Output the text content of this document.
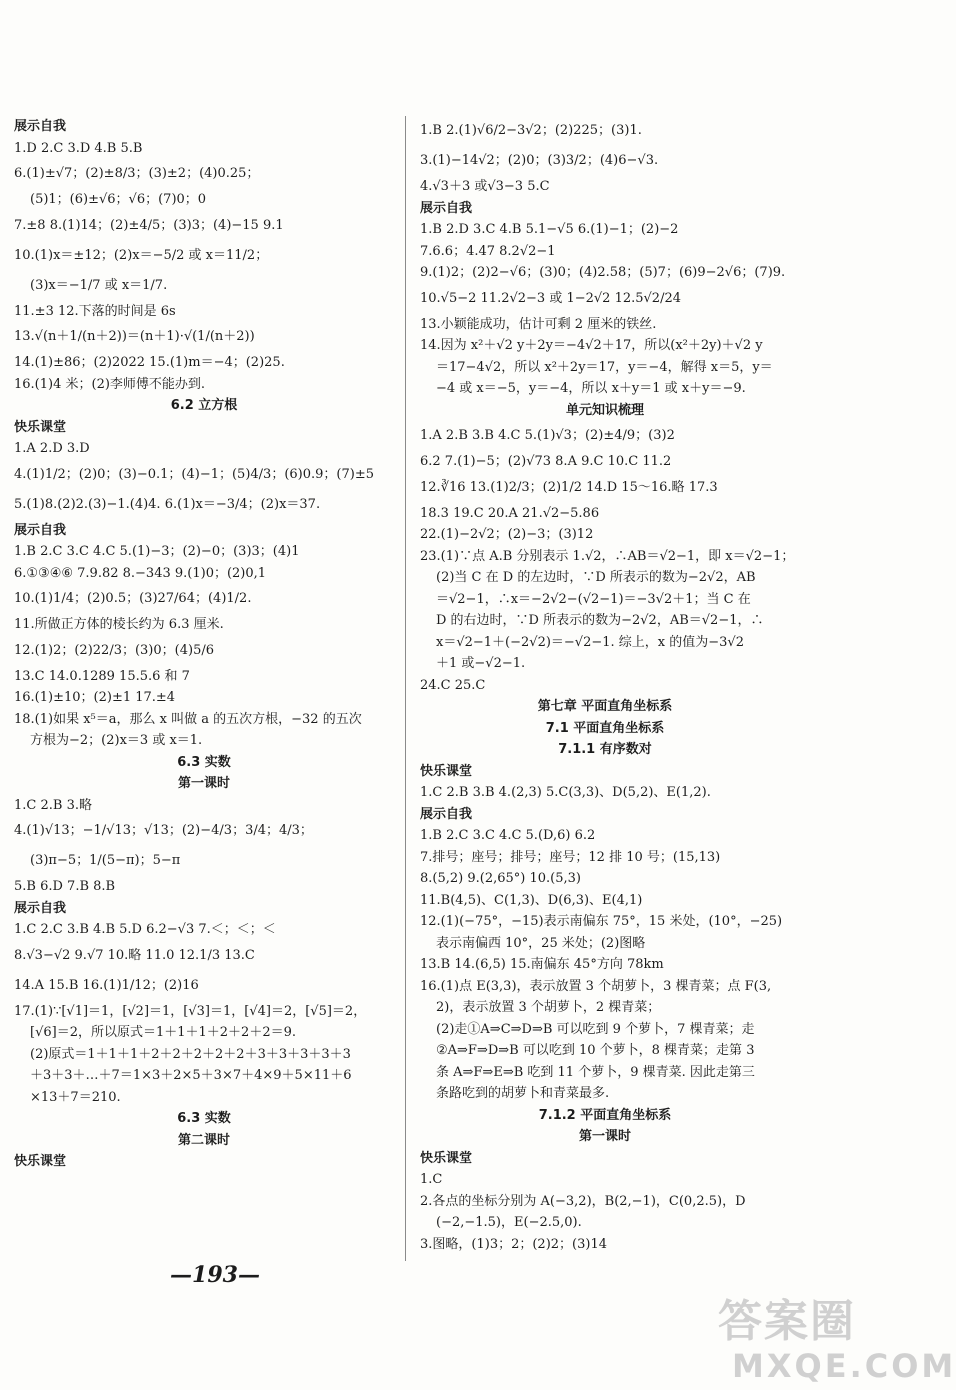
展示自我
1.D 2.C 3.D 4.B 5.B
6.(1)±√7；(2)±8/3；(3)±2；(4)0.25；
(5)1；(6)±√6；√6；(7)0；0
7.±8 8.(1)14；(2)±4/5；(3)3；(4)−15 9.1
10.(1)x＝±12；(2)x＝−5/2 或 x＝11/2；
(3)x＝−1/7 或 x＝1/7.
11.±3 12.下落的时间是 6s
13.√(n＋1/(n＋2))＝(n＋1)·√(1/(n＋2))
14.(1)±86；(2)2022 15.(1)m＝−4；(2)25.
16.(1)4 米；(2)李师傅不能办到.
6.2 立方根
快乐课堂
1.A 2.D 3.D
4.(1)1/2；(2)0；(3)−0.1；(4)−1；(5)4/3；(6)0.9；(7)±5
5.(1)8.(2)2.(3)−1.(4)4. 6.(1)x＝−3/4；(2)x＝37.
展示自我
1.B 2.C 3.C 4.C 5.(1)−3；(2)−0；(3)3；(4)1
6.①③④⑥ 7.9.82 8.−343 9.(1)0；(2)0,1
10.(1)1/4；(2)0.5；(3)27/64；(4)1/2.
11.所做正方体的棱长约为 6.3 厘米.
12.(1)2；(2)22/3；(3)0；(4)5/6
13.C 14.0.1289 15.5.6 和 7
16.(1)±10；(2)±1 17.±4
18.(1)如果 x⁵＝a，那么 x 叫做 a 的五次方根，−32 的五次
方根为−2；(2)x＝3 或 x＝1.
6.3 实数
第一课时
1.C 2.B 3.略
4.(1)√13；−1/√13；√13；(2)−4/3；3/4；4/3；
(3)π−5；1/(5−π)；5−π
5.B 6.D 7.B 8.B
展示自我
1.C 2.C 3.B 4.B 5.D 6.2−√3 7.＜；＜；＜
8.√3−√2 9.√7 10.略 11.0 12.1/3 13.C
14.A 15.B 16.(1)1/12；(2)16
17.(1)∵[√1]＝1，[√2]＝1，[√3]＝1，[√4]＝2，[√5]＝2，
[√6]＝2，所以原式＝1＋1＋1＋2＋2＋2＝9.
(2)原式＝1＋1＋1＋2＋2＋2＋2＋2＋3＋3＋3＋3＋3
＋3＋3＋…＋7＝1×3＋2×5＋3×7＋4×9＋5×11＋6
×13＋7＝210.
6.3 实数
第二课时
快乐课堂
1.B 2.(1)√6/2−3√2；(2)225；(3)1.
3.(1)−14√2；(2)0；(3)3/2；(4)6−√3.
4.√3＋3 或√3−3 5.C
展示自我
1.B 2.D 3.C 4.B 5.1−√5 6.(1)−1；(2)−2
7.6.6；4.47 8.2√2−1
9.(1)2；(2)2−√6；(3)0；(4)2.58；(5)7；(6)9−2√6；(7)9.
10.√5−2 11.2√2−3 或 1−2√2 12.5√2/24
13.小颖能成功，估计可剩 2 厘米的铁丝.
14.因为 x²＋√2 y＋2y＝−4√2＋17，所以(x²＋2y)＋√2 y
＝17−4√2，所以 x²＋2y＝17，y＝−4，解得 x＝5，y＝
−4 或 x＝−5，y＝−4，所以 x＋y＝1 或 x＋y＝−9.
单元知识梳理
1.A 2.B 3.B 4.C 5.(1)√3；(2)±4/9；(3)2
6.2 7.(1)−5；(2)√73 8.A 9.C 10.C 11.2
12.∛16 13.(1)2/3；(2)1/2 14.D 15～16.略 17.3
18.3 19.C 20.A 21.√2−5.86
22.(1)−2√2；(2)−3；(3)12
23.(1)∵点 A.B 分别表示 1.√2，∴AB＝√2−1，即 x＝√2−1；
(2)当 C 在 D 的左边时，∵D 所表示的数为−2√2，AB
＝√2−1，∴x＝−2√2−(√2−1)＝−3√2＋1；当 C 在
D 的右边时，∵D 所表示的数为−2√2，AB＝√2−1，∴
x＝√2−1＋(−2√2)＝−√2−1. 综上，x 的值为−3√2
＋1 或−√2−1.
24.C 25.C
第七章 平面直角坐标系
7.1 平面直角坐标系
7.1.1 有序数对
快乐课堂
1.C 2.B 3.B 4.(2,3) 5.C(3,3)、D(5,2)、E(1,2).
展示自我
1.B 2.C 3.C 4.C 5.(D,6) 6.2
7.排号；座号；排号；座号；12 排 10 号；(15,13)
8.(5,2) 9.(2,65°) 10.(5,3)
11.B(4,5)、C(1,3)、D(6,3)、E(4,1)
12.(1)(−75°，−15)表示南偏东 75°，15 米处，(10°，−25)
表示南偏西 10°，25 米处；(2)图略
13.B 14.(6,5) 15.南偏东 45°方向 78km
16.(1)点 E(3,3)，表示放置 3 个胡萝卜，3 棵青菜；点 F(3,
2)，表示放置 3 个胡萝卜，2 棵青菜；
(2)走①A⇒C⇒D⇒B 可以吃到 9 个萝卜，7 棵青菜；走
②A⇒F⇒D⇒B 可以吃到 10 个萝卜，8 棵青菜；走第 3
条 A⇒F⇒E⇒B 吃到 11 个萝卜，9 棵青菜. 因此走第三
条路吃到的胡萝卜和青菜最多.
7.1.2 平面直角坐标系
第一课时
快乐课堂
1.C
2.各点的坐标分别为 A(−3,2)，B(2,−1)，C(0,2.5)，D
(−2,−1.5)，E(−2.5,0).
3.图略，(1)3；2；(2)2；(3)14
—193—
答案圈
MXQE.COM
